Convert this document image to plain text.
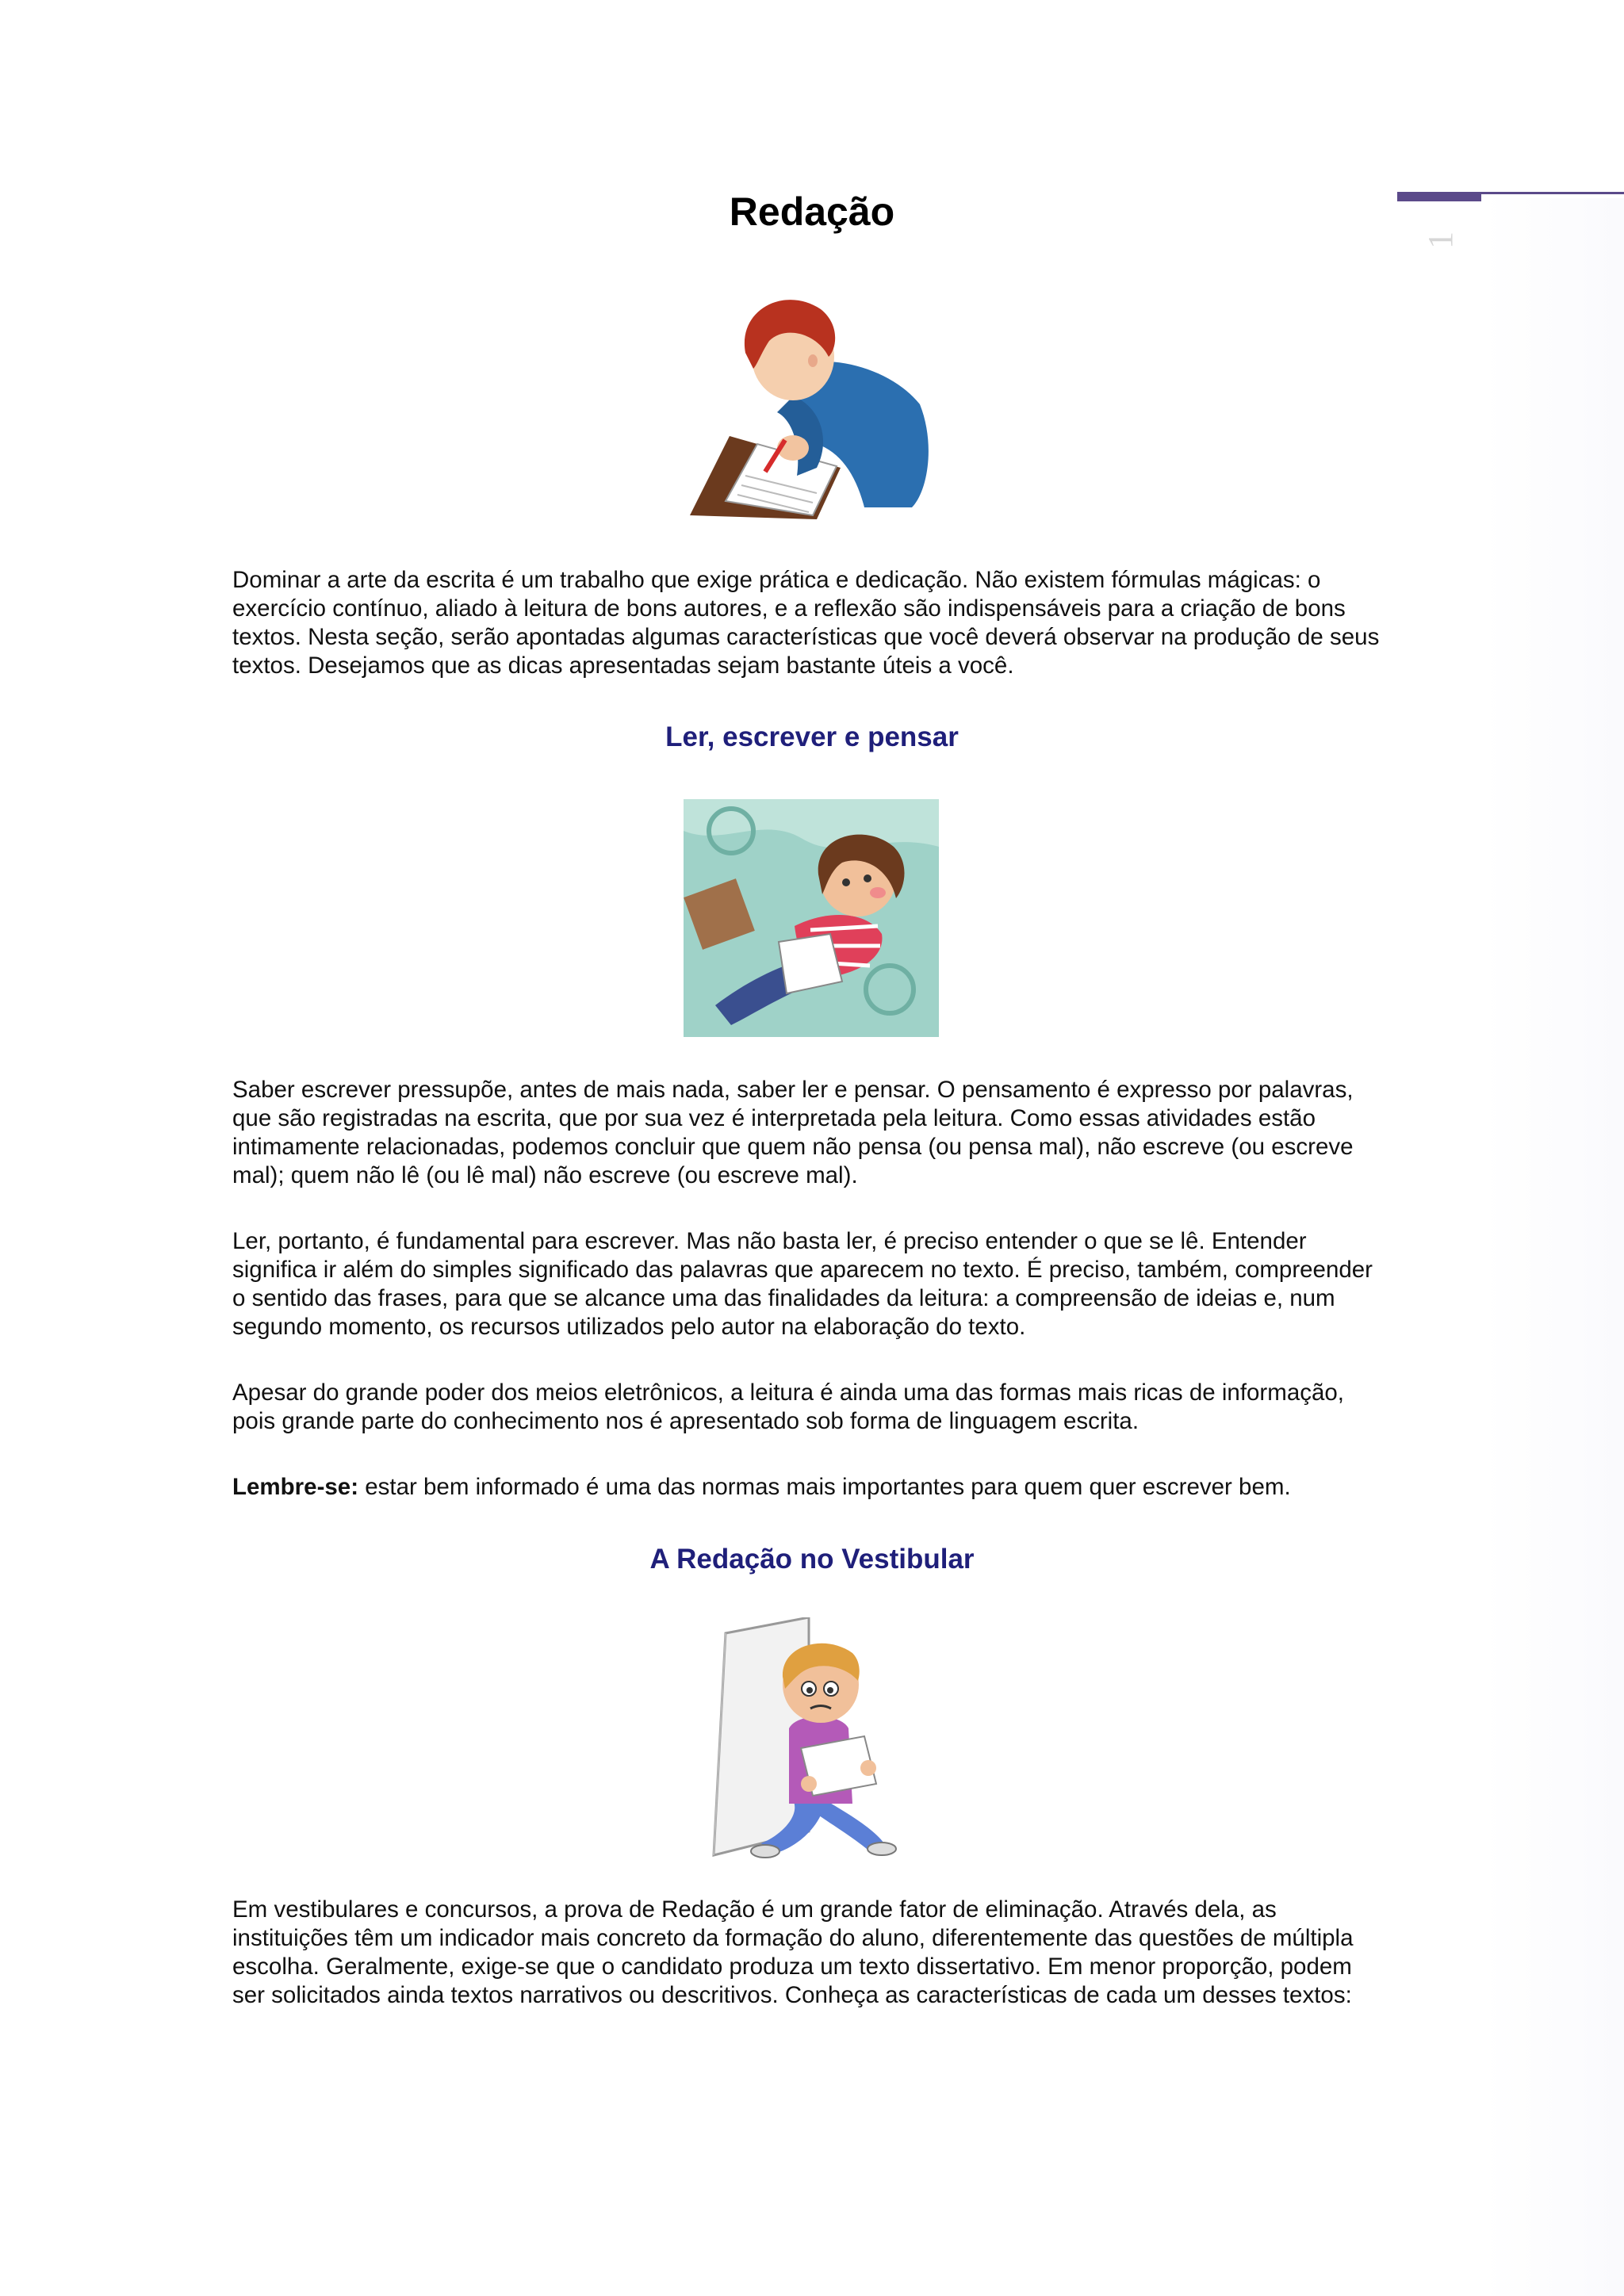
1
Redação

Dominar a arte da escrita é um trabalho que exige prática e dedicação. Não existem fórmulas mágicas: o exercício contínuo, aliado à leitura de bons autores, e a reflexão são indispensáveis para a criação de bons textos. Nesta seção, serão apontadas algumas características que você deverá observar na produção de seus textos. Desejamos que as dicas apresentadas sejam bastante úteis a você.

Ler, escrever e pensar

Saber escrever pressupõe, antes de mais nada, saber ler e pensar. O pensamento é expresso por palavras, que são registradas na escrita, que por sua vez é interpretada pela leitura. Como essas atividades estão intimamente relacionadas, podemos concluir que quem não pensa (ou pensa mal), não escreve (ou escreve mal); quem não lê (ou lê mal) não escreve (ou escreve mal).

Ler, portanto, é fundamental para escrever. Mas não basta ler, é preciso entender o que se lê. Entender significa ir além do simples significado das palavras que aparecem no texto. É preciso, também, compreender o sentido das frases, para que se alcance uma das finalidades da leitura: a compreensão de ideias e, num segundo momento, os recursos utilizados pelo autor na elaboração do texto.

Apesar do grande poder dos meios eletrônicos, a leitura é ainda uma das formas mais ricas de informação, pois grande parte do conhecimento nos é apresentado sob forma de linguagem escrita.

Lembre-se: estar bem informado é uma das normas mais importantes para quem quer escrever bem.

A Redação no Vestibular

Em vestibulares e concursos, a prova de Redação é um grande fator de eliminação. Através dela, as instituições têm um indicador mais concreto da formação do aluno, diferentemente das questões de múltipla escolha. Geralmente, exige-se que o candidato produza um texto dissertativo. Em menor proporção, podem ser solicitados ainda textos narrativos ou descritivos. Conheça as características de cada um desses textos:
